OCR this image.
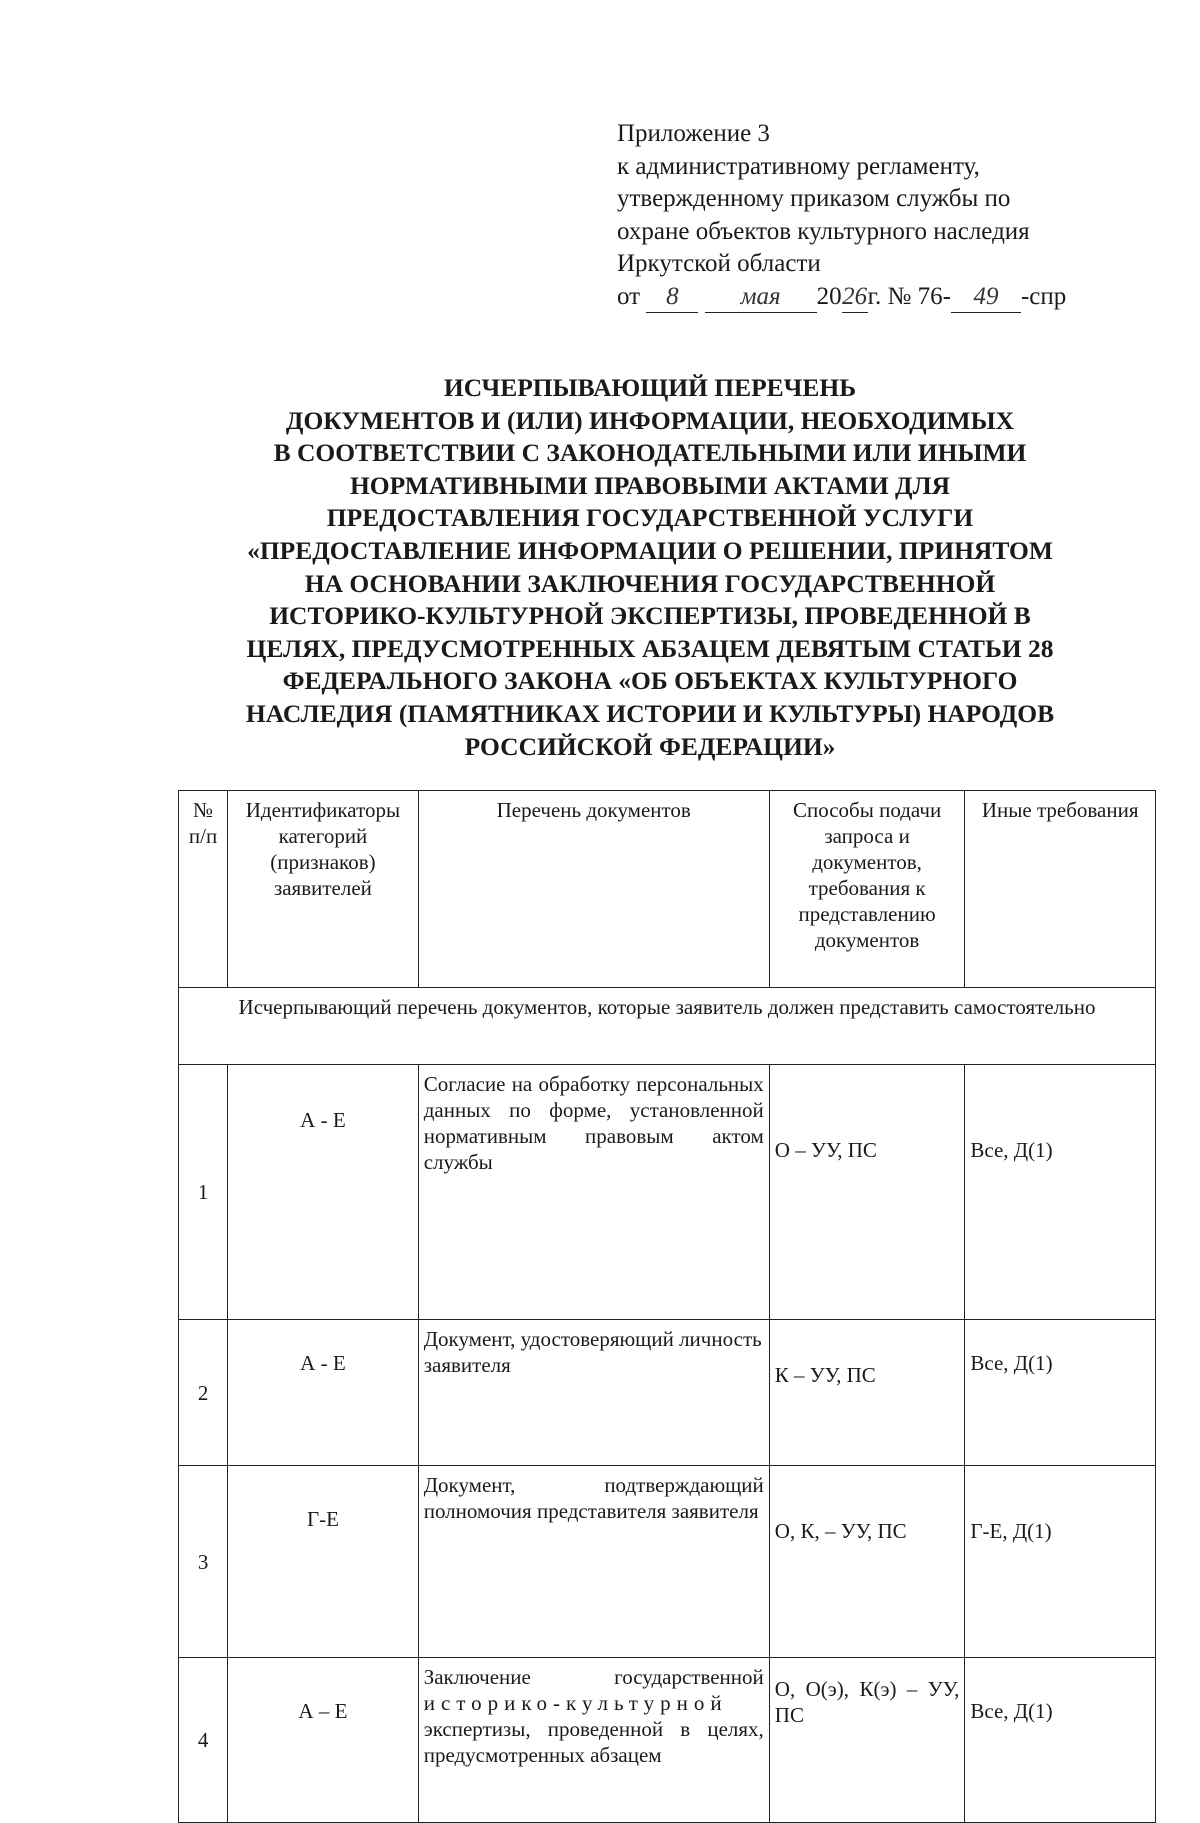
Приложение 3
к административному регламенту,
утвержденному приказом службы по
охране объектов культурного наследия
Иркутской области
от 8 мая 2026г. № 76- 49 -спр
ИСЧЕРПЫВАЮЩИЙ ПЕРЕЧЕНЬ
ДОКУМЕНТОВ И (ИЛИ) ИНФОРМАЦИИ, НЕОБХОДИМЫХ
В СООТВЕТСТВИИ С ЗАКОНОДАТЕЛЬНЫМИ ИЛИ ИНЫМИ
НОРМАТИВНЫМИ ПРАВОВЫМИ АКТАМИ ДЛЯ
ПРЕДОСТАВЛЕНИЯ ГОСУДАРСТВЕННОЙ УСЛУГИ
«ПРЕДОСТАВЛЕНИЕ ИНФОРМАЦИИ О РЕШЕНИИ, ПРИНЯТОМ
НА ОСНОВАНИИ ЗАКЛЮЧЕНИЯ ГОСУДАРСТВЕННОЙ
ИСТОРИКО-КУЛЬТУРНОЙ ЭКСПЕРТИЗЫ, ПРОВЕДЕННОЙ В
ЦЕЛЯХ, ПРЕДУСМОТРЕННЫХ АБЗАЦЕМ ДЕВЯТЫМ СТАТЬИ 28
ФЕДЕРАЛЬНОГО ЗАКОНА «ОБ ОБЪЕКТАХ КУЛЬТУРНОГО
НАСЛЕДИЯ (ПАМЯТНИКАХ ИСТОРИИ И КУЛЬТУРЫ) НАРОДОВ
РОССИЙСКОЙ ФЕДЕРАЦИИ»
№ п/п	Идентификаторы категорий (признаков) заявителей	Перечень документов	Способы подачи запроса и документов, требования к представлению документов	Иные требования
Исчерпывающий перечень документов, которые заявитель должен представить самостоятельно				
1	А - Е	Согласие на обработку персональных данных по форме, установленной нормативным правовым актом службы	О – УУ, ПС	Все, Д(1)
2	А - Е	Документ, удостоверяющий личность заявителя	К – УУ, ПС	Все, Д(1)
3	Г-Е	Документ, подтверждающий полномочия представителя заявителя	О, К, – УУ, ПС	Г-Е, Д(1)
4	А – Е	Заключение государственной историко-культурной экспертизы, проведенной в целях, предусмотренных абзацем	О, О(э), К(э) – УУ, ПС	Все, Д(1)
